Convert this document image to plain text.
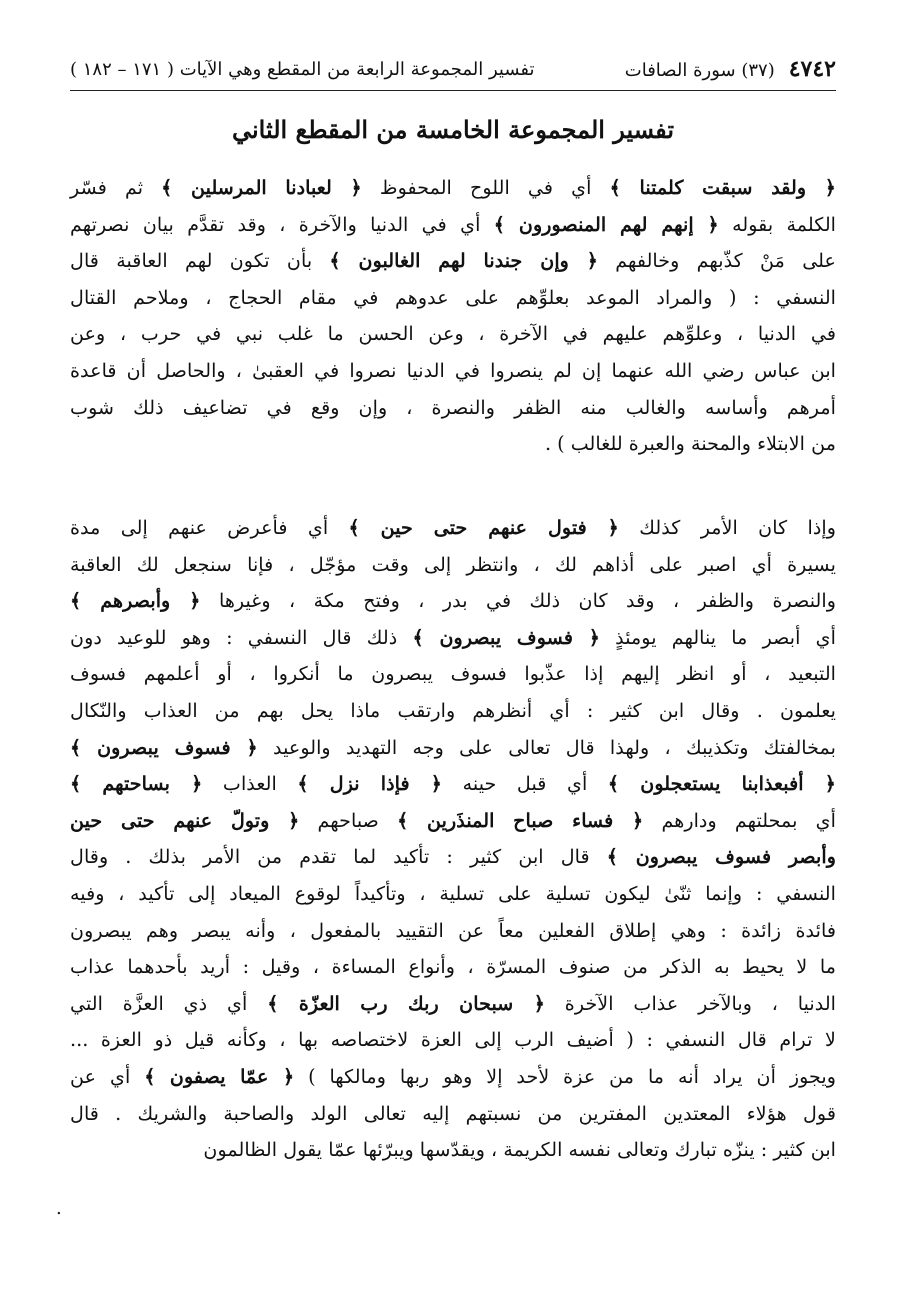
٤٧٤٢
(٣٧) سورة الصافات
تفسير المجموعة الرابعة من المقطع وهي الآيات ( ١٧١ – ١٨٢ )
تفسير المجموعة الخامسة من المقطع الثاني
﴿ ولقد سبقت كلمتنا ﴾ أي في اللوح المحفوظ ﴿ لعبادنا المرسلين ﴾ ثم فسّر
الكلمة بقوله ﴿ إنهم لهم المنصورون ﴾ أي في الدنيا والآخرة ، وقد تقدَّم بيان نصرتهم
على مَنْ كذّبهم وخالفهم ﴿ وإن جندنا لهم الغالبون ﴾ بأن تكون لهم العاقبة قال
النسفي : ( والمراد الموعد بعلوِّهم على عدوهم في مقام الحجاج ، وملاحم القتال
في الدنيا ، وعلوِّهم عليهم في الآخرة ، وعن الحسن ما غلب نبي في حرب ، وعن
ابن عباس رضي الله عنهما إن لم ينصروا في الدنيا نصروا في العقبىٰ ، والحاصل أن قاعدة
أمرهم وأساسه والغالب منه الظفر والنصرة ، وإن وقع في تضاعيف ذلك شوب
من الابتلاء والمحنة والعبرة للغالب ) .
وإذا كان الأمر كذلك ﴿ فتول عنهم حتى حين ﴾ أي فأعرض عنهم إلى مدة
يسيرة أي اصبر على أذاهم لك ، وانتظر إلى وقت مؤجّل ، فإنا سنجعل لك العاقبة
والنصرة والظفر ، وقد كان ذلك في بدر ، وفتح مكة ، وغيرها ﴿ وأبصرهم ﴾
أي أبصر ما ينالهم يومئذٍ ﴿ فسوف يبصرون ﴾ ذلك قال النسفي : وهو للوعيد دون
التبعيد ، أو انظر إليهم إذا عذّبوا فسوف يبصرون ما أنكروا ، أو أعلمهم فسوف
يعلمون . وقال ابن كثير : أي أنظرهم وارتقب ماذا يحل بهم من العذاب والنّكال
بمخالفتك وتكذيبك ، ولهذا قال تعالى على وجه التهديد والوعيد ﴿ فسوف يبصرون ﴾
﴿ أفبعذابنا يستعجلون ﴾ أي قبل حينه ﴿ فإذا نزل ﴾ العذاب ﴿ بساحتهم ﴾
أي بمحلتهم ودارهم ﴿ فساء صباح المنذَرين ﴾ صباحهم ﴿ وتولّ عنهم حتى حين
وأبصر فسوف يبصرون ﴾ قال ابن كثير : تأكيد لما تقدم من الأمر بذلك . وقال
النسفي : وإنما ثنّىٰ ليكون تسلية على تسلية ، وتأكيداً لوقوع الميعاد إلى تأكيد ، وفيه
فائدة زائدة : وهي إطلاق الفعلين معاً عن التقييد بالمفعول ، وأنه يبصر وهم يبصرون
ما لا يحيط به الذكر من صنوف المسرّة ، وأنواع المساءة ، وقيل : أريد بأحدهما عذاب
الدنيا ، وبالآخر عذاب الآخرة ﴿ سبحان ربك رب العزّة ﴾ أي ذي العزَّة التي
لا ترام قال النسفي : ( أضيف الرب إلى العزة لاختصاصه بها ، وكأنه قيل ذو العزة ...
ويجوز أن يراد أنه ما من عزة لأحد إلا وهو ربها ومالكها ) ﴿ عمّا يصفون ﴾ أي عن
قول هؤلاء المعتدين المفترين من نسبتهم إليه تعالى الولد والصاحبة والشريك . قال
ابن كثير : ينزّه تبارك وتعالى نفسه الكريمة ، ويقدّسها ويبرّئها عمّا يقول الظالمون
.
